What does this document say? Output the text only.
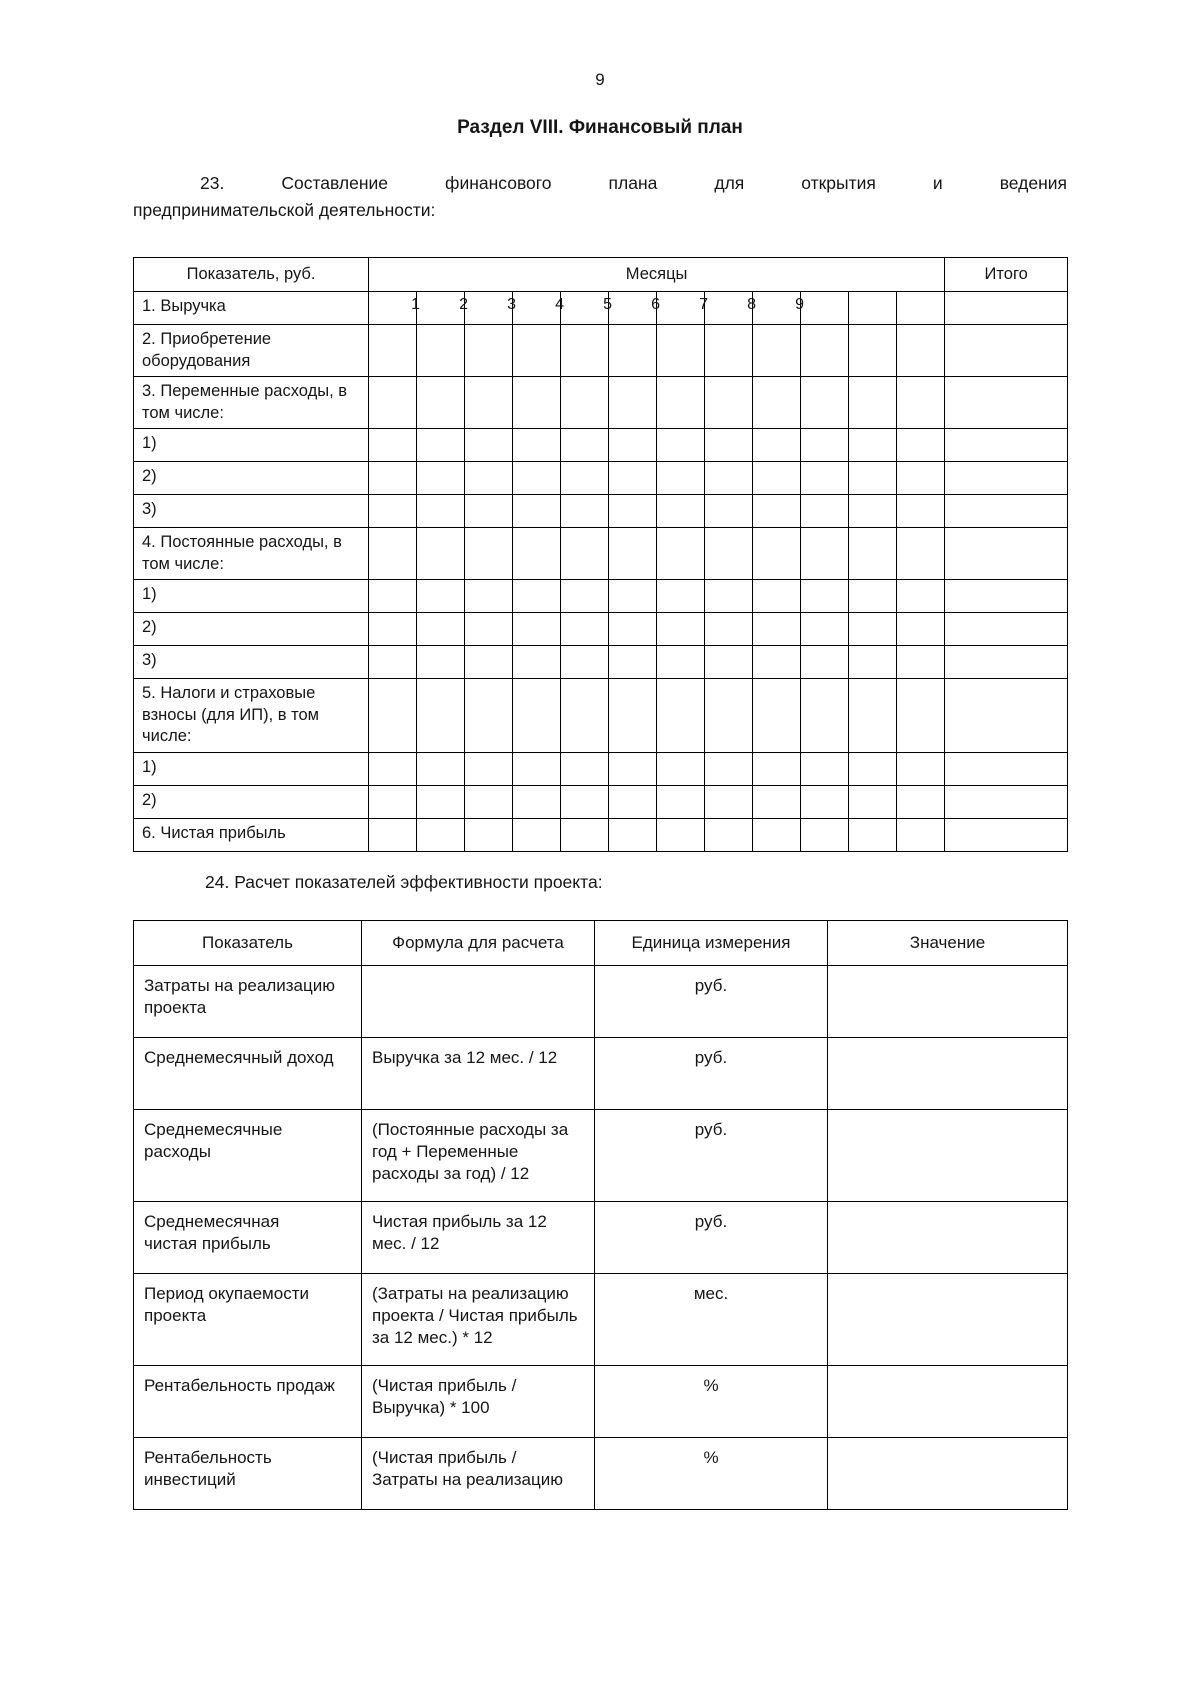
9
Раздел VIII. Финансовый план
23. Составление финансового плана для открытия и ведения
предпринимательской деятельности:
Показатель, руб.	Месяцы												Итого
1. Выручка	1	2	3	4	5	6	7	8	9				

2. Приобретение оборудования													
3. Переменные расходы, в том числе:													
1)													
2)													
3)													
4. Постоянные расходы, в том числе:													
1)													
2)													
3)													
5. Налоги и страховые взносы (для ИП), в том числе:													
1)													
2)													
6. Чистая прибыль													
24. Расчет показателей эффективности проекта:
Показатель	Формула для расчета	Единица измерения	Значение
Затраты на реализацию проекта		руб.	
Среднемесячный доход	Выручка за 12 мес. / 12	руб.	
Среднемесячные расходы	(Постоянные расходы за год + Переменные расходы за год) / 12	руб.	
Среднемесячная чистая прибыль	Чистая прибыль за 12 мес. / 12	руб.	
Период окупаемости проекта	(Затраты на реализацию проекта / Чистая прибыль за 12 мес.) * 12	мес.	
Рентабельность продаж	(Чистая прибыль / Выручка) * 100	%	
Рентабельность инвестиций	(Чистая прибыль / Затраты на реализацию	%	
